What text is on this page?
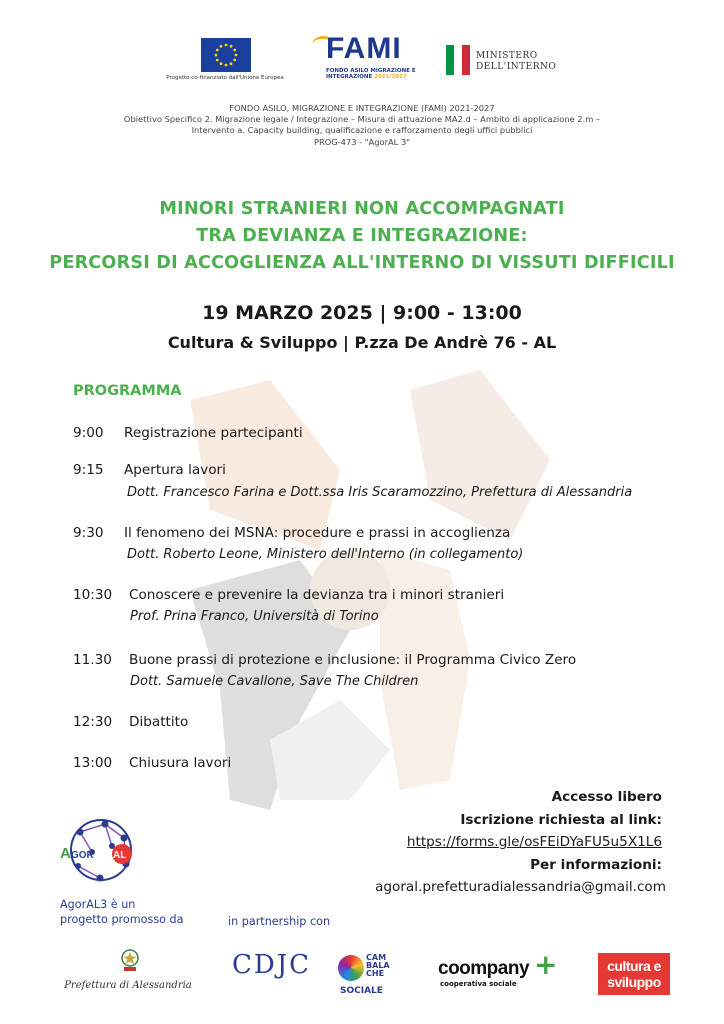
Progetto co-finanziato dall'Unione Europea
FAMI
FONDO ASILO MIGRAZIONE E
INTEGRAZIONE 2021/2027
MINISTERO
DELL'INTERNO
FONDO ASILO, MIGRAZIONE E INTEGRAZIONE (FAMI) 2021-2027
Obiettivo Specifico 2. Migrazione legale / Integrazione – Misura di attuazione MA2.d – Ambito di applicazione 2.m –
Intervento a. Capacity building, qualificazione e rafforzamento degli uffici pubblici
PROG-473 - "AgorAL 3"
MINORI STRANIERI NON ACCOMPAGNATI
TRA DEVIANZA E INTEGRAZIONE:
PERCORSI DI ACCOGLIENZA ALL'INTERNO DI VISSUTI DIFFICILI
19 MARZO 2025 | 9:00 - 13:00
Cultura & Sviluppo | P.zza De Andrè 76 - AL
PROGRAMMA
9:00 Registrazione partecipanti
9:15 Apertura lavori
Dott. Francesco Farina e Dott.ssa Iris Scaramozzino, Prefettura di Alessandria
9:30 Il fenomeno dei MSNA: procedure e prassi in accoglienza
Dott. Roberto Leone, Ministero dell'Interno (in collegamento)
10:30 Conoscere e prevenire la devianza tra i minori stranieri
Prof. Prina Franco, Università di Torino
11.30 Buone prassi di protezione e inclusione: il Programma Civico Zero
Dott. Samuele Cavallone, Save The Children
12:30 Dibattito
13:00 Chiusura lavori
Accesso libero
Iscrizione richiesta al link:
https://forms.gle/osFEiDYaFU5u5X1L6
Per informazioni:
agoral.prefetturadialessandria@gmail.com
A GOR AL
AgorAL3 è un
progetto promosso da	in partnership con
Prefettura di Alessandria
CDJC	CAM
BALA
CHE
SOCIALE
coompany +
cooperativa sociale
cultura e
sviluppo
